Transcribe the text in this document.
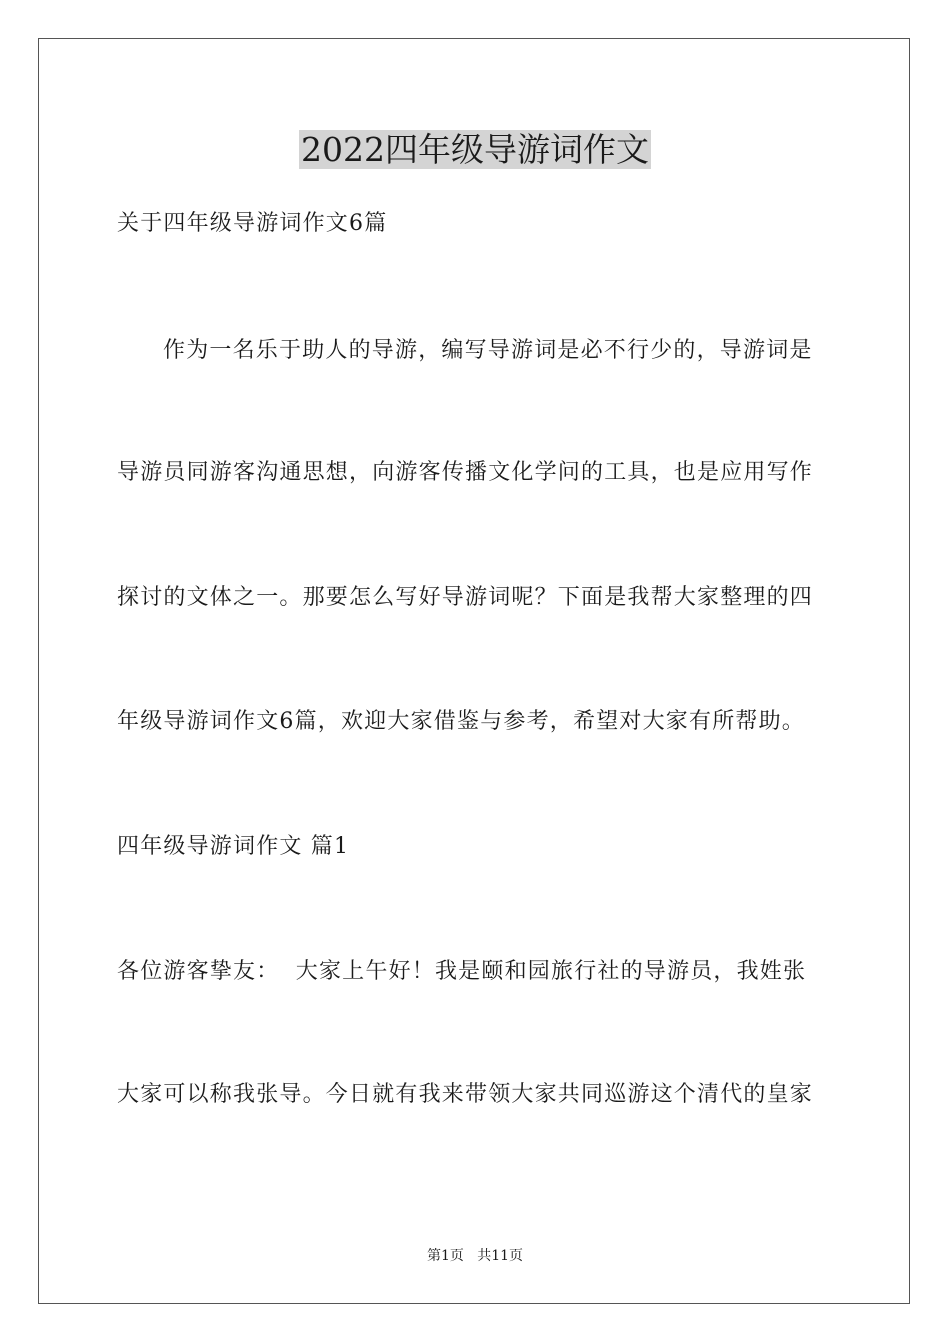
2022四年级导游词作文
关于四年级导游词作文6篇
作为一名乐于助人的导游，编写导游词是必不行少的，导游词是
导游员同游客沟通思想，向游客传播文化学问的工具，也是应用写作
探讨的文体之一。那要怎么写好导游词呢？下面是我帮大家整理的四
年级导游词作文6篇，欢迎大家借鉴与参考，希望对大家有所帮助。
四年级导游词作文 篇1
各位游客挚友：  大家上午好！我是颐和园旅行社的导游员，我姓张
大家可以称我张导。今日就有我来带领大家共同巡游这个清代的皇家
第1页   共11页
